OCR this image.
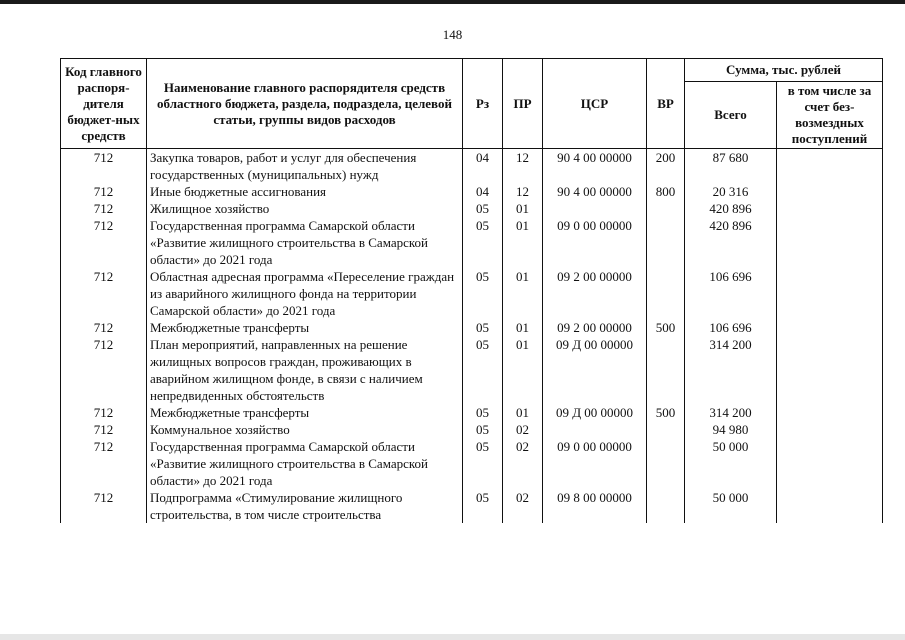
148
Код главного распоря-дителя бюджет-ных средств	Наименование главного распорядителя средств областного бюджета, раздела, подраздела, целевой статьи, группы видов расходов	Рз	ПР	ЦСР	ВР	Сумма, тыс. рублей	
						Всего	в том числе за счет без-возмездных поступлений
712	Закупка товаров, работ и услуг для обеспечения государственных (муниципальных) нужд	04	12	90 4 00 00000	200	87 680	
712	Иные бюджетные ассигнования	04	12	90 4 00 00000	800	20 316	
712	Жилищное хозяйство	05	01			420 896	
712	Государственная программа Самарской области «Развитие жилищного строительства в Самарской области» до 2021 года	05	01	09 0 00 00000		420 896	
712	Областная адресная программа «Переселение граждан из аварийного жилищного фонда на территории Самарской области» до 2021 года	05	01	09 2 00 00000		106 696	
712	Межбюджетные трансферты	05	01	09 2 00 00000	500	106 696	
712	План мероприятий, направленных на решение жилищных вопросов граждан, проживающих в аварийном жилищном фонде, в связи с наличием непредвиденных обстоятельств	05	01	09 Д 00 00000		314 200	
712	Межбюджетные трансферты	05	01	09 Д 00 00000	500	314 200	
712	Коммунальное хозяйство	05	02			94 980	
712	Государственная программа Самарской области «Развитие жилищного строительства в Самарской области» до 2021 года	05	02	09 0 00 00000		50 000	
712	Подпрограмма «Стимулирование жилищного строительства, в том числе строительства	05	02	09 8 00 00000		50 000	
